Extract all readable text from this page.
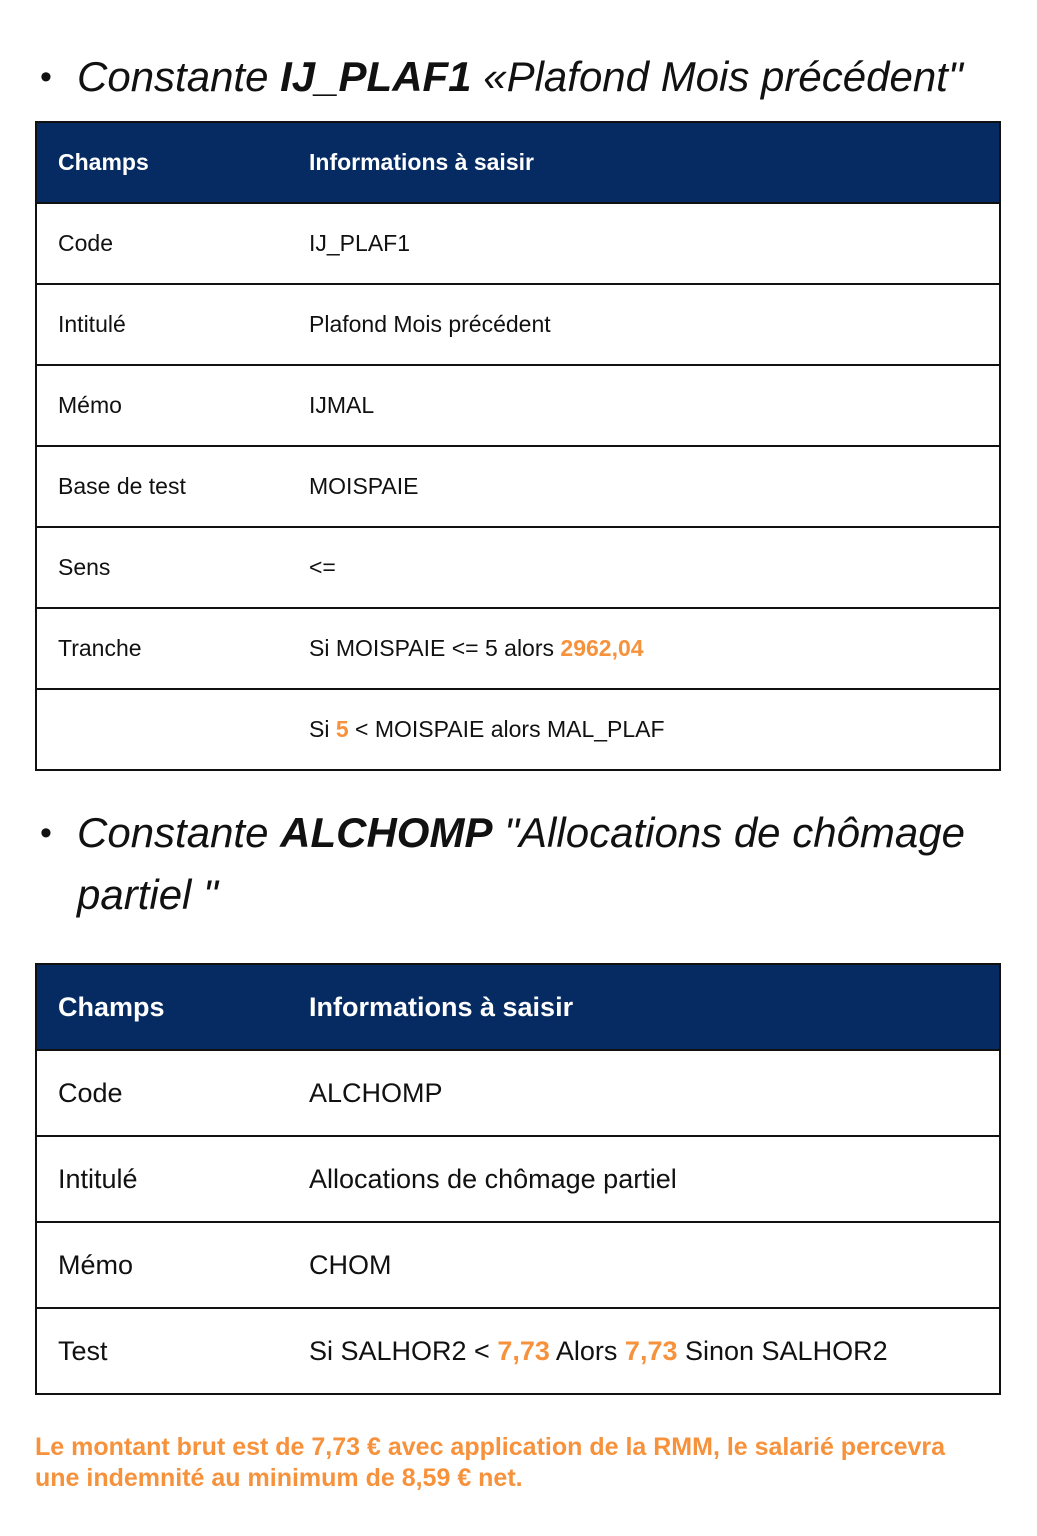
• Constante IJ_PLAF1 «Plafond Mois précédent"
Champs	Informations à saisir
Code	IJ_PLAF1
Intitulé	Plafond Mois précédent
Mémo	IJMAL
Base de test	MOISPAIE
Sens	<=
Tranche	Si MOISPAIE <= 5 alors 2962,04
	Si 5 < MOISPAIE alors MAL_PLAF
• Constante ALCHOMP "Allocations de chômage partiel "
Champs	Informations à saisir
Code	ALCHOMP
Intitulé	Allocations de chômage partiel
Mémo	CHOM
Test	Si SALHOR2 < 7,73 Alors 7,73 Sinon SALHOR2

Le montant brut est de 7,73 € avec application de la RMM, le salarié percevra une indemnité au minimum de 8,59 € net.
